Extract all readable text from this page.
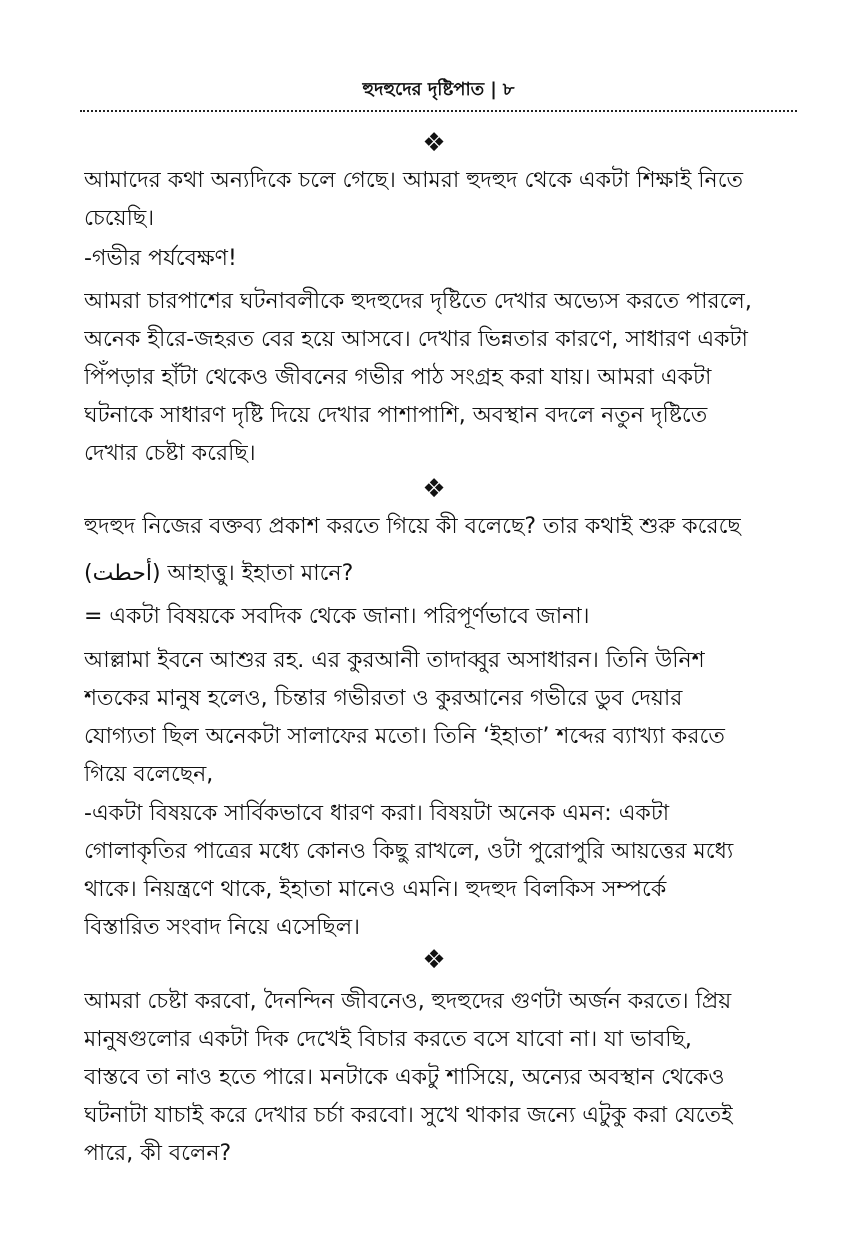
হুদহুদের দৃষ্টিপাত | ৮
❖
আমাদের কথা অন্যদিকে চলে গেছে। আমরা হুদহুদ থেকে একটা শিক্ষাই নিতে
চেয়েছি।
-গভীর পর্যবেক্ষণ!
আমরা চারপাশের ঘটনাবলীকে হুদহুদের দৃষ্টিতে দেখার অভ্যেস করতে পারলে,
অনেক হীরে-জহরত বের হয়ে আসবে। দেখার ভিন্নতার কারণে, সাধারণ একটা
পিঁপড়ার হাঁটা থেকেও জীবনের গভীর পাঠ সংগ্রহ করা যায়। আমরা একটা
ঘটনাকে সাধারণ দৃষ্টি দিয়ে দেখার পাশাপাশি, অবস্থান বদলে নতুন দৃষ্টিতে
দেখার চেষ্টা করেছি।
❖
হুদহুদ নিজের বক্তব্য প্রকাশ করতে গিয়ে কী বলেছে? তার কথাই শুরু করেছে
(أحطت) আহাত্তু। ইহাতা মানে?
= একটা বিষয়কে সবদিক থেকে জানা। পরিপূর্ণভাবে জানা।
আল্লামা ইবনে আশুর রহ. এর কুরআনী তাদাব্বুর অসাধারন। তিনি উনিশ
শতকের মানুষ হলেও, চিন্তার গভীরতা ও কুরআনের গভীরে ডুব দেয়ার
যোগ্যতা ছিল অনেকটা সালাফের মতো। তিনি ‘ইহাতা’ শব্দের ব্যাখ্যা করতে
গিয়ে বলেছেন,
-একটা বিষয়কে সার্বিকভাবে ধারণ করা। বিষয়টা অনেক এমন: একটা
গোলাকৃতির পাত্রের মধ্যে কোনও কিছু রাখলে, ওটা পুরোপুরি আয়ত্তের মধ্যে
থাকে। নিয়ন্ত্রণে থাকে, ইহাতা মানেও এমনি। হুদহুদ বিলকিস সম্পর্কে
বিস্তারিত সংবাদ নিয়ে এসেছিল।
❖
আমরা চেষ্টা করবো, দৈনন্দিন জীবনেও, হুদহুদের গুণটা অর্জন করতে। প্রিয়
মানুষগুলোর একটা দিক দেখেই বিচার করতে বসে যাবো না। যা ভাবছি,
বাস্তবে তা নাও হতে পারে। মনটাকে একটু শাসিয়ে, অন্যের অবস্থান থেকেও
ঘটনাটা যাচাই করে দেখার চর্চা করবো। সুখে থাকার জন্যে এটুকু করা যেতেই
পারে, কী বলেন?
